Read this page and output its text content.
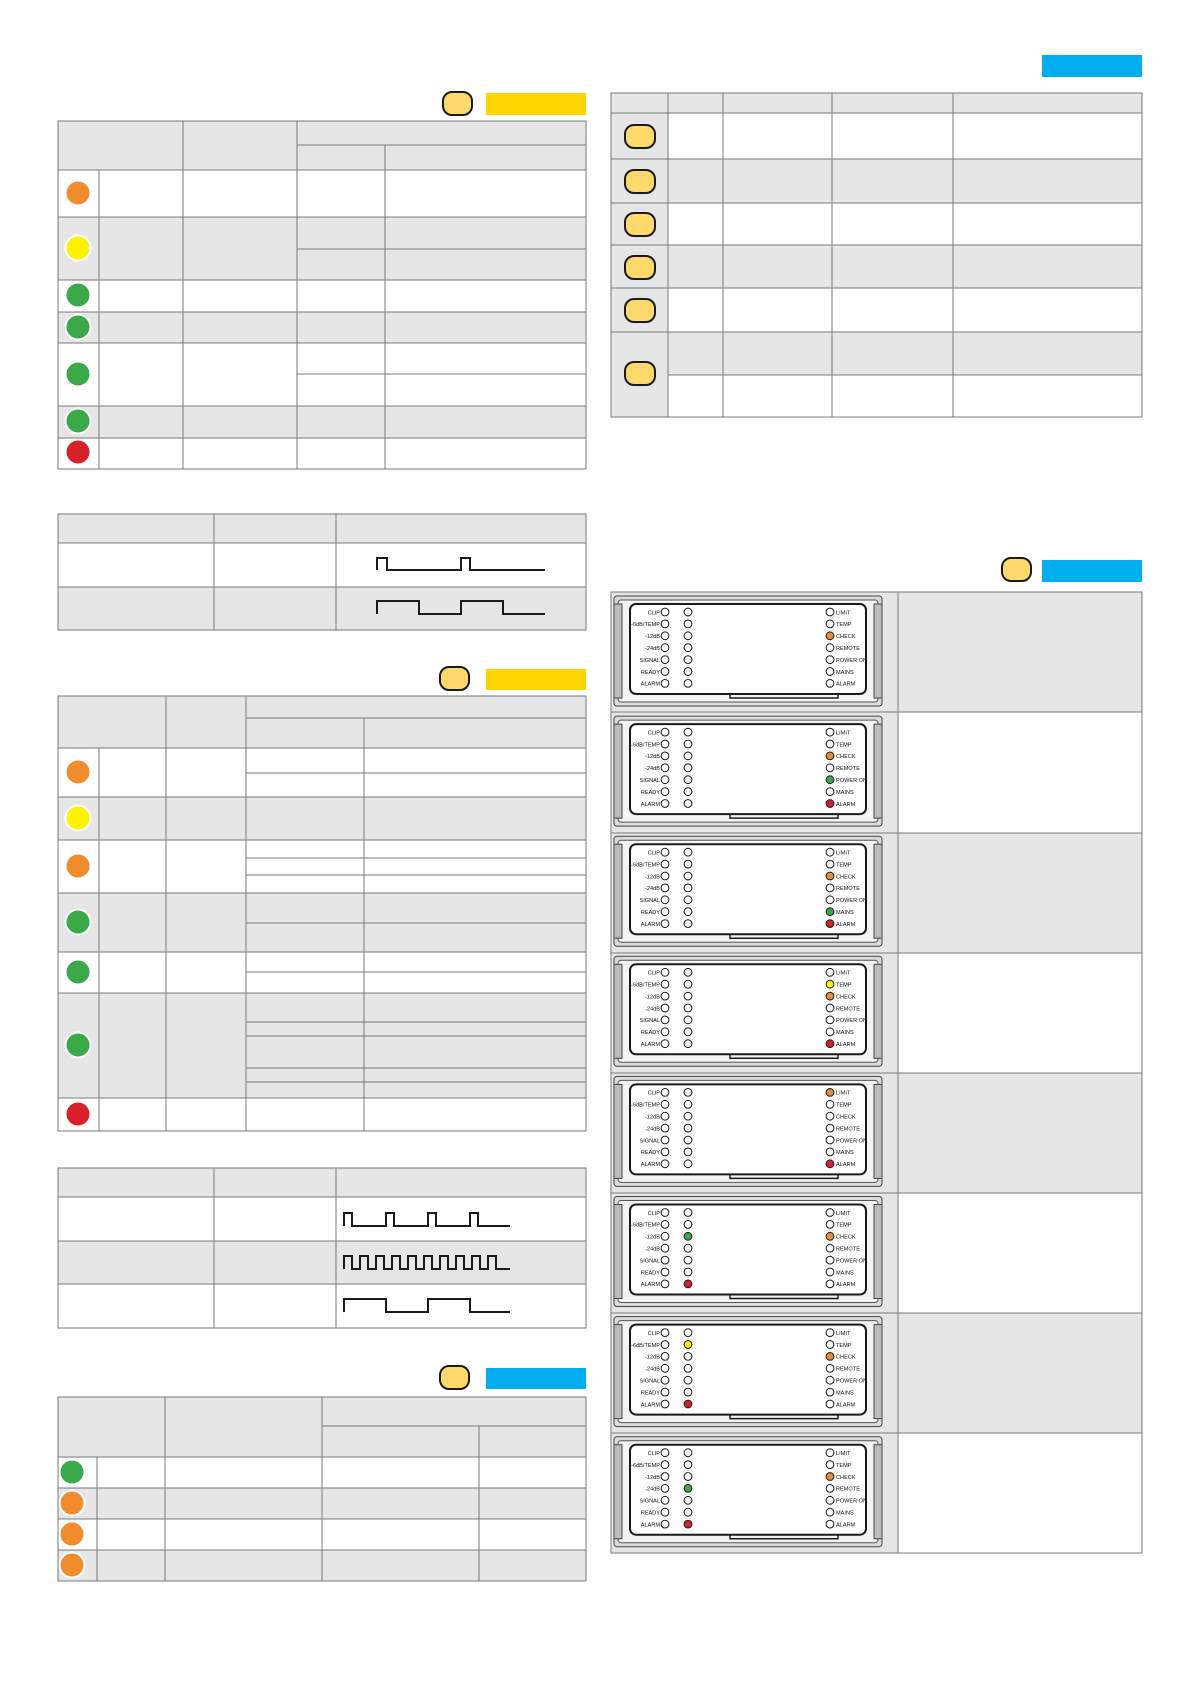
CLIP	LIMIT
-6dB/TEMP	TEMP
-12dB	CHECK
-24dB	REMOTE
SIGNAL	POWER ON
READY	MAINS
ALARM	ALARM
CLIP	LIMIT
-6dB/TEMP	TEMP
-12dB	CHECK
-24dB	REMOTE
SIGNAL	POWER ON
READY	MAINS
ALARM	ALARM
CLIP	LIMIT
-6dB/TEMP	TEMP
-12dB	CHECK
-24dB	REMOTE
SIGNAL	POWER ON
READY	MAINS
ALARM	ALARM
CLIP	LIMIT
-6dB/TEMP	TEMP
-12dB	CHECK
-24dB	REMOTE
SIGNAL	POWER ON
READY	MAINS
ALARM	ALARM
CLIP	LIMIT
-6dB/TEMP	TEMP
-12dB	CHECK
-24dB	REMOTE
SIGNAL	POWER ON
READY	MAINS
ALARM	ALARM
CLIP	LIMIT
-6dB/TEMP	TEMP
-12dB	CHECK
-24dB	REMOTE
SIGNAL	POWER ON
READY	MAINS
ALARM	ALARM
CLIP	LIMIT
-6dB/TEMP	TEMP
-12dB	CHECK
-24dB	REMOTE
SIGNAL	POWER ON
READY	MAINS
ALARM	ALARM
CLIP	LIMIT
-6dB/TEMP	TEMP
-12dB	CHECK
-24dB	REMOTE
SIGNAL	POWER ON
READY	MAINS
ALARM	ALARM
